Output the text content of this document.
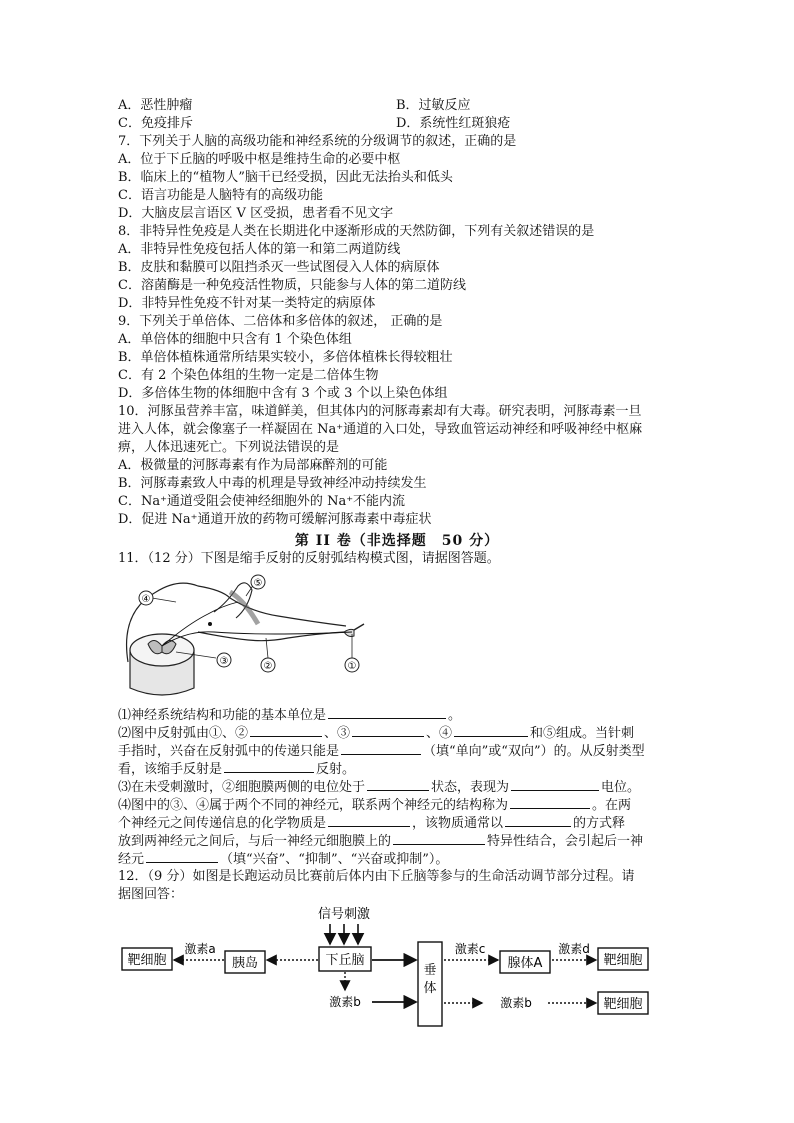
A．恶性肿瘤	B．过敏反应
C．免疫排斥	D．系统性红斑狼疮
7．下列关于人脑的高级功能和神经系统的分级调节的叙述，正确的是
A．位于下丘脑的呼吸中枢是维持生命的必要中枢
B．临床上的“植物人”脑干已经受损，因此无法抬头和低头
C．语言功能是人脑特有的高级功能
D．大脑皮层言语区 V 区受损，患者看不见文字
8．非特异性免疫是人类在长期进化中逐渐形成的天然防御，下列有关叙述错误的是
A．非特异性免疫包括人体的第一和第二两道防线
B．皮肤和黏膜可以阻挡杀灭一些试图侵入人体的病原体
C．溶菌酶是一种免疫活性物质，只能参与人体的第二道防线
D．非特异性免疫不针对某一类特定的病原体
9．下列关于单倍体、二倍体和多倍体的叙述， 正确的是
A．单倍体的细胞中只含有 1 个染色体组
B．单倍体植株通常所结果实较小，多倍体植株长得较粗壮
C．有 2 个染色体组的生物一定是二倍体生物
D．多倍体生物的体细胞中含有 3 个或 3 个以上染色体组
10．河豚虽营养丰富，味道鲜美，但其体内的河豚毒素却有大毒。研究表明，河豚毒素一旦
进入人体，就会像塞子一样凝固在 Na⁺通道的入口处，导致血管运动神经和呼吸神经中枢麻
痹，人体迅速死亡。下列说法错误的是
A．极微量的河豚毒素有作为局部麻醉剂的可能
B．河豚毒素致人中毒的机理是导致神经冲动持续发生
C．Na⁺通道受阻会使神经细胞外的 Na⁺不能内流
D．促进 Na⁺通道开放的药物可缓解河豚毒素中毒症状
第 II 卷（非选择题　50 分）
11．（12 分）下图是缩手反射的反射弧结构模式图，请据图答题。
④
⑤
③	②	①
⑴神经系统结构和功能的基本单位是	。
⑵图中反射弧由①、②	、③	、④	和⑤组成。当针刺
手指时，兴奋在反射弧中的传递只能是	（填“单向”或“双向”）的。从反射类型
看，该缩手反射是	反射。
⑶在未受刺激时，②细胞膜两侧的电位处于	状态，表现为	电位。
⑷图中的③、④属于两个不同的神经元，联系两个神经元的结构称为	。在两
个神经元之间传递信息的化学物质是	，该物质通常以	的方式释
放到两神经元之间后，与后一神经元细胞膜上的	特异性结合，会引起后一神
经元	（填“兴奋”、“抑制”、“兴奋或抑制”）。
12．（9 分）如图是长跑运动员比赛前后体内由下丘脑等参与的生命活动调节部分过程。请
据图回答：
信号刺激
下丘脑
胰岛
靶细胞
垂体
腺体A	靶细胞
靶细胞
激素a
激素b
激素c	激素d
激素b
